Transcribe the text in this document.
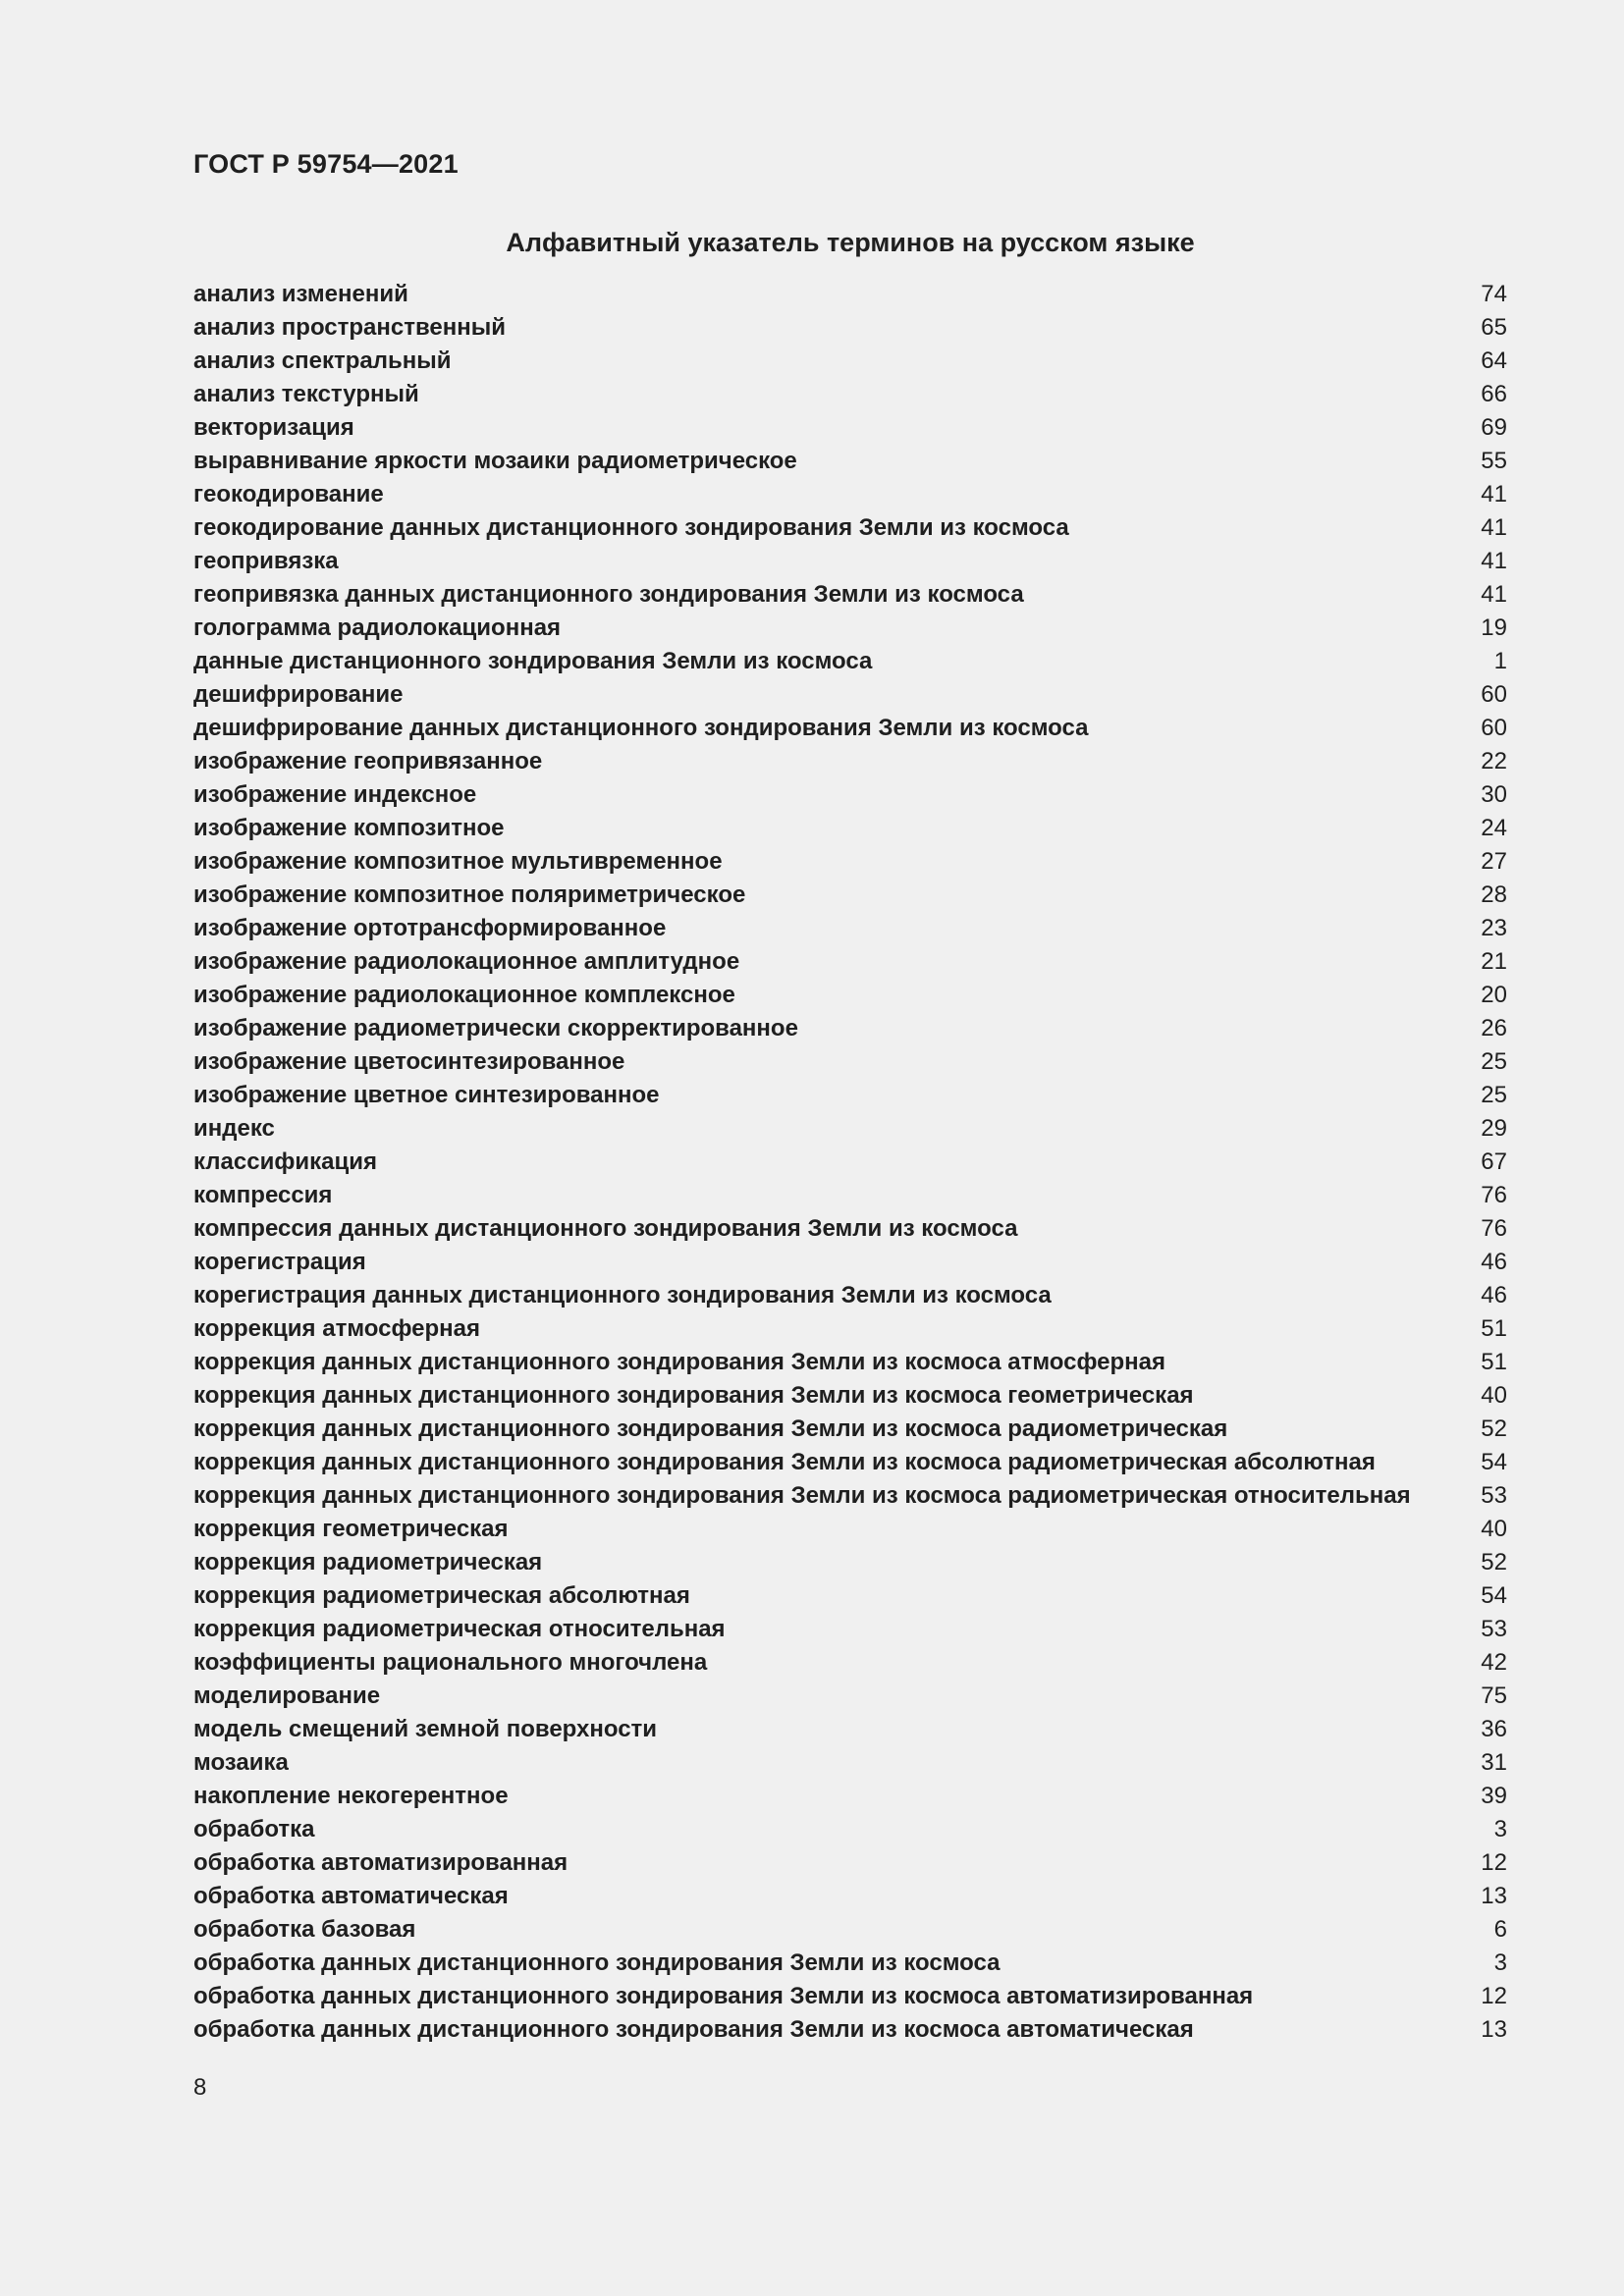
ГОСТ Р 59754—2021
Алфавитный указатель терминов на русском языке
анализ изменений	74
анализ пространственный	65
анализ спектральный	64
анализ текстурный	66
векторизация	69
выравнивание яркости мозаики радиометрическое	55
геокодирование	41
геокодирование данных дистанционного зондирования Земли из космоса	41
геопривязка	41
геопривязка данных дистанционного зондирования Земли из космоса	41
голограмма радиолокационная	19
данные дистанционного зондирования Земли из космоса	1
дешифрирование	60
дешифрирование данных дистанционного зондирования Земли из космоса	60
изображение геопривязанное	22
изображение индексное	30
изображение композитное	24
изображение композитное мультивременное	27
изображение композитное поляриметрическое	28
изображение ортотрансформированное	23
изображение радиолокационное амплитудное	21
изображение радиолокационное комплексное	20
изображение радиометрически скорректированное	26
изображение цветосинтезированное	25
изображение цветное синтезированное	25
индекс	29
классификация	67
компрессия	76
компрессия данных дистанционного зондирования Земли из космоса	76
корегистрация	46
корегистрация данных дистанционного зондирования Земли из космоса	46
коррекция атмосферная	51
коррекция данных дистанционного зондирования Земли из космоса атмосферная	51
коррекция данных дистанционного зондирования Земли из космоса геометрическая	40
коррекция данных дистанционного зондирования Земли из космоса радиометрическая	52
коррекция данных дистанционного зондирования Земли из космоса радиометрическая абсолютная	54
коррекция данных дистанционного зондирования Земли из космоса радиометрическая относительная	53
коррекция геометрическая	40
коррекция радиометрическая	52
коррекция радиометрическая абсолютная	54
коррекция радиометрическая относительная	53
коэффициенты рационального многочлена	42
моделирование	75
модель смещений земной поверхности	36
мозаика	31
накопление некогерентное	39
обработка	3
обработка автоматизированная	12
обработка автоматическая	13
обработка базовая	6
обработка данных дистанционного зондирования Земли из космоса	3
обработка данных дистанционного зондирования Земли из космоса автоматизированная	12
обработка данных дистанционного зондирования Земли из космоса автоматическая	13
8
